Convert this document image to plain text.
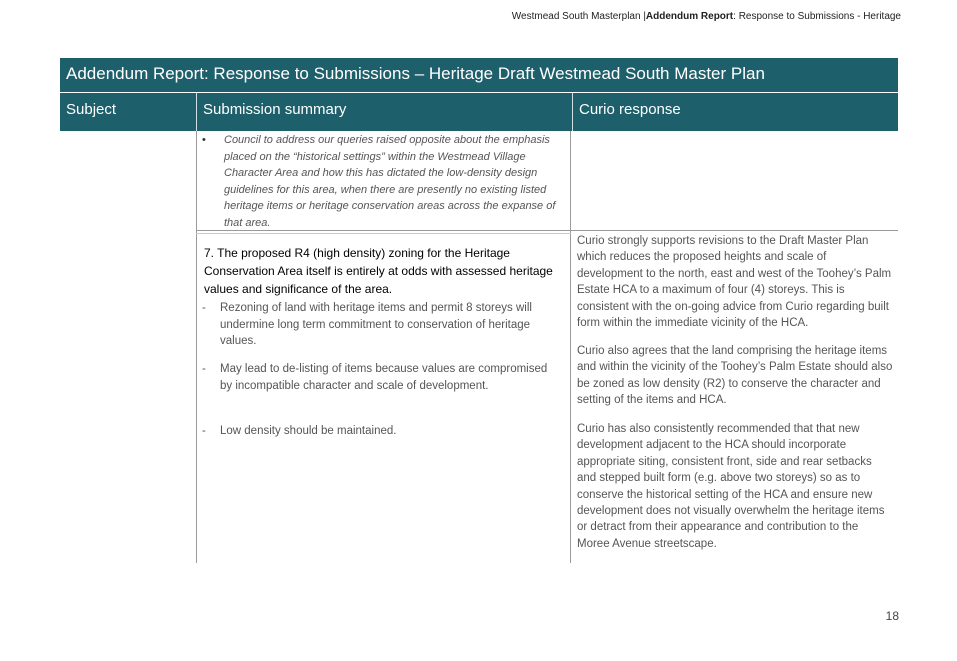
Westmead South Masterplan |Addendum Report: Response to Submissions - Heritage
Addendum Report: Response to Submissions – Heritage Draft Westmead South Master Plan
Subject	Submission summary	Curio response
• Council to address our queries raised opposite about the emphasis placed on the “historical settings” within the Westmead Village Character Area and how this has dictated the low-density design guidelines for this area, when there are presently no existing listed heritage items or heritage conservation areas across the expanse of that area.
7. The proposed R4 (high density) zoning for the Heritage Conservation Area itself is entirely at odds with assessed heritage values and significance of the area.
- Rezoning of land with heritage items and permit 8 storeys will undermine long term commitment to conservation of heritage values.
- May lead to de-listing of items because values are compromised by incompatible character and scale of development.
- Low density should be maintained.
Curio strongly supports revisions to the Draft Master Plan which reduces the proposed heights and scale of development to the north, east and west of the Toohey’s Palm Estate HCA to a maximum of four (4) storeys. This is consistent with the on-going advice from Curio regarding built form within the immediate vicinity of the HCA.
Curio also agrees that the land comprising the heritage items and within the vicinity of the Toohey’s Palm Estate should also be zoned as low density (R2) to conserve the character and setting of the items and HCA.
Curio has also consistently recommended that that new development adjacent to the HCA should incorporate appropriate siting, consistent front, side and rear setbacks and stepped built form (e.g. above two storeys) so as to conserve the historical setting of the HCA and ensure new development does not visually overwhelm the heritage items or detract from their appearance and contribution to the Moree Avenue streetscape.
18
